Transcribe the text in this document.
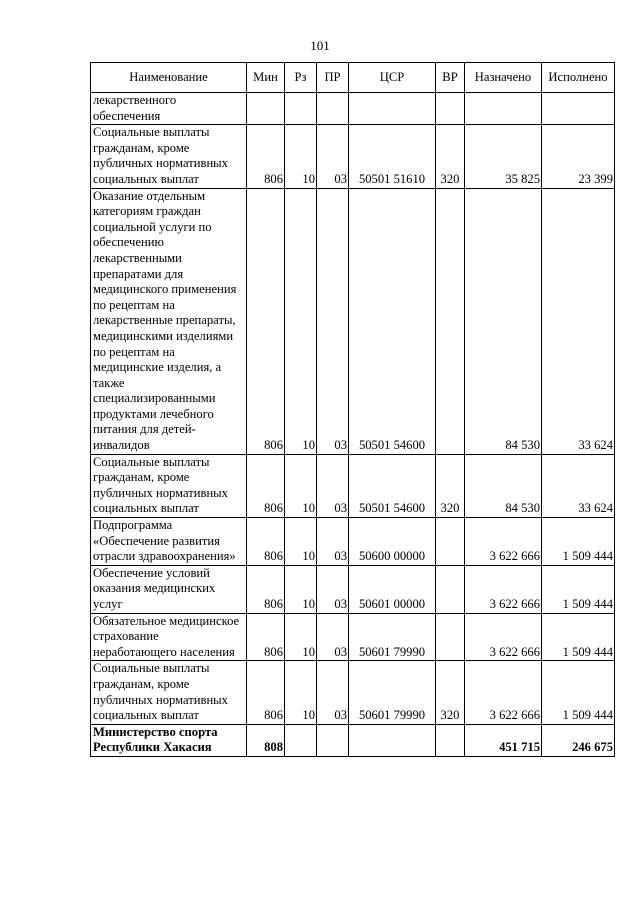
101
Наименование	Мин	Рз	ПР	ЦСР	ВР	Назначено	Исполнено
лекарственного обеспечения							
Социальные выплаты гражданам, кроме публичных нормативных социальных выплат	806	10	03	50501 51610	320	35 825	23 399
Оказание отдельным категориям граждан социальной услуги по обеспечению лекарственными препаратами для медицинского применения по рецептам на лекарственные препараты, медицинскими изделиями по рецептам на медицинские изделия, а также специализированными продуктами лечебного питания для детей-инвалидов	806	10	03	50501 54600		84 530	33 624
Социальные выплаты гражданам, кроме публичных нормативных социальных выплат	806	10	03	50501 54600	320	84 530	33 624
Подпрограмма «Обеспечение развития отрасли здравоохранения»	806	10	03	50600 00000		3 622 666	1 509 444
Обеспечение условий оказания медицинских услуг	806	10	03	50601 00000		3 622 666	1 509 444
Обязательное медицинское страхование неработающего населения	806	10	03	50601 79990		3 622 666	1 509 444
Социальные выплаты гражданам, кроме публичных нормативных социальных выплат	806	10	03	50601 79990	320	3 622 666	1 509 444
Министерство спорта Республики Хакасия	808					451 715	246 675
